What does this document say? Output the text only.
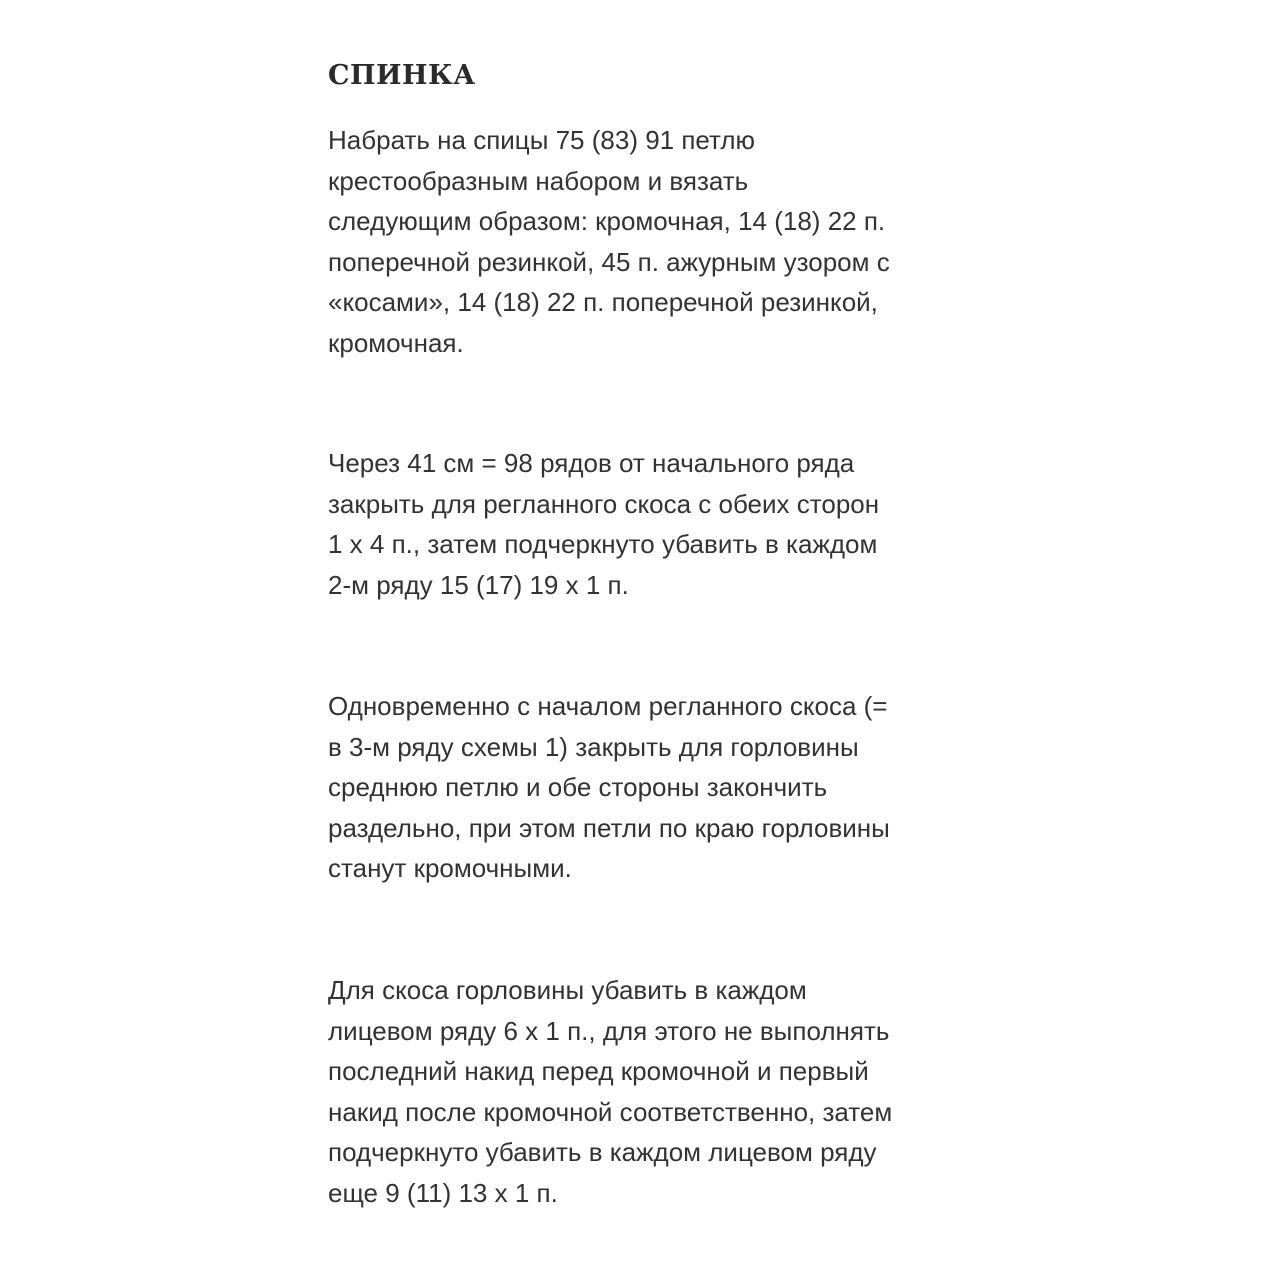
СПИНКА

Набрать на спицы 75 (83) 91 петлю
крестообразным набором и вязать
следующим образом: кромочная, 14 (18) 22 п.
поперечной резинкой, 45 п. ажурным узором с
«косами», 14 (18) 22 п. поперечной резинкой,
кромочная.

Через 41 см = 98 рядов от начального ряда
закрыть для регланного скоса с обеих сторон
1 х 4 п., затем подчеркнуто убавить в каждом
2-м ряду 15 (17) 19 х 1 п.

Одновременно с началом регланного скоса (=
в 3-м ряду схемы 1) закрыть для горловины
среднюю петлю и обе стороны закончить
раздельно, при этом петли по краю горловины
станут кромочными.

Для скоса горловины убавить в каждом
лицевом ряду 6 х 1 п., для этого не выполнять
последний накид перед кромочной и первый
накид после кромочной соответственно, затем
подчеркнуто убавить в каждом лицевом ряду
еще 9 (11) 13 х 1 п.
